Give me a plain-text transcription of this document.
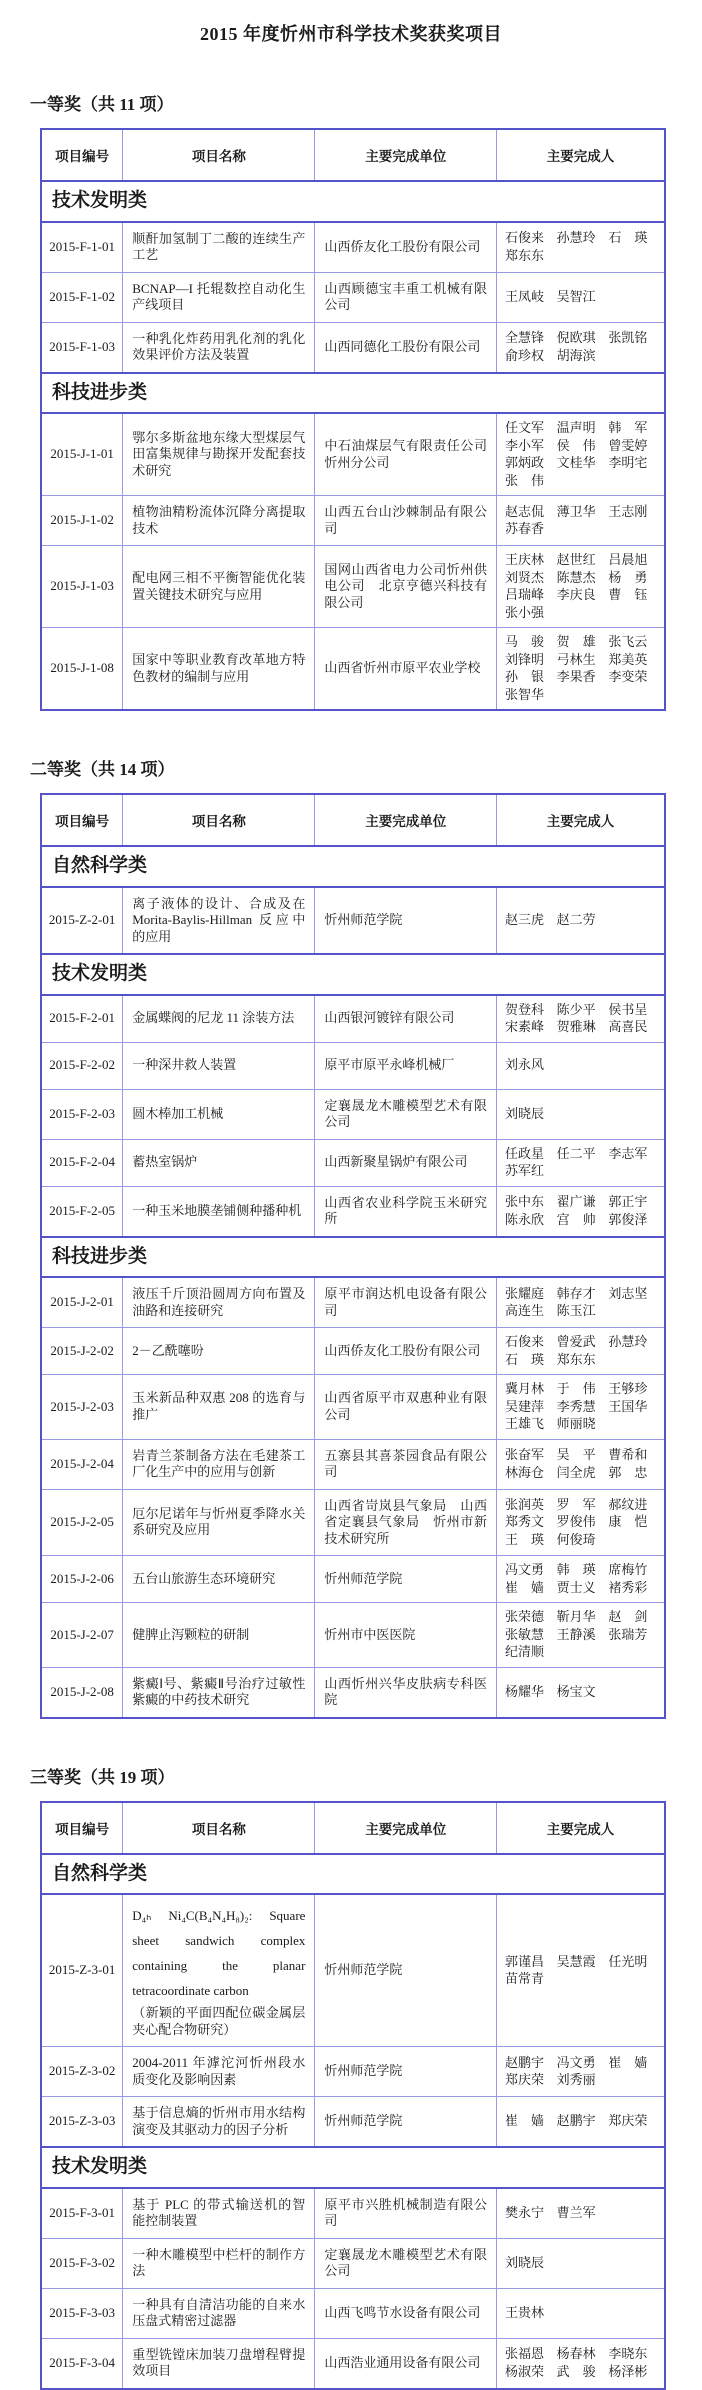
2015 年度忻州市科学技术奖获奖项目
一等奖（共 11 项）
项目编号	项目名称	主要完成单位	主要完成人
技术发明类			
2015-F-1-01	顺酐加氢制丁二酸的连续生产工艺	山西侨友化工股份有限公司	石俊来 孙慧玲 石　瑛
郑东东

2015-F-1-02	BCNAP—I 托辊数控自动化生产线项目	山西顾德宝丰重工机械有限公司	王凤岐 吴智江

2015-F-1-03	一种乳化炸药用乳化剂的乳化效果评价方法及装置	山西同德化工股份有限公司	全慧锋 倪欧琪 张凯铭
俞珍权 胡海滨

科技进步类			
2015-J-1-01	鄂尔多斯盆地东缘大型煤层气田富集规律与勘探开发配套技术研究	中石油煤层气有限责任公司忻州分公司	
任文军 温声明 韩　军
李小军 侯　伟 曾雯婷
郭炳政 文桂华 李明宅
张　伟

2015-J-1-02	植物油精粉流体沉降分离提取技术	山西五台山沙棘制品有限公司	赵志侃 薄卫华 王志刚
苏春香

2015-J-1-03	配电网三相不平衡智能优化装置关键技术研究与应用	国网山西省电力公司忻州供电公司　北京亨德兴科技有限公司	
王庆林 赵世红 吕晨旭
刘贤杰 陈慧杰 杨　勇
吕瑞峰 李庆良 曹　钰
张小强

2015-J-1-08	国家中等职业教育改革地方特色教材的编制与应用	山西省忻州市原平农业学校	
马　骏 贺　雄 张飞云
刘锋明 弓林生 郑美英
孙　银 李果香 李变荣
张智华
二等奖（共 14 项）
项目编号	项目名称	主要完成单位	主要完成人
自然科学类			
2015-Z-2-01	离子液体的设计、合成及在 Morita-Baylis-Hillman 反应中的应用	忻州师范学院	赵三虎 赵二劳

技术发明类			
2015-F-2-01	金属蝶阀的尼龙 11 涂装方法	山西银河镀锌有限公司	
贺登科 陈少平 侯书呈
宋素峰 贺雅琳 高喜民

2015-F-2-02	一种深井救人装置	原平市原平永峰机械厂	刘永风

2015-F-2-03	圆木棒加工机械	定襄晟龙木雕模型艺术有限公司	刘晓辰

2015-F-2-04	蓄热室锅炉	山西新聚星锅炉有限公司	任政星 任二平 李志军
苏军红

2015-F-2-05	一种玉米地膜垄铺侧种播种机	山西省农业科学院玉米研究所	
张中东 翟广谦 郭正宇
陈永欣 宫　帅 郭俊泽

科技进步类			
2015-J-2-01	液压千斤顶沿圆周方向布置及油路和连接研究	原平市润达机电设备有限公司	张耀庭 韩存才 刘志坚
高连生 陈玉江

2015-J-2-02	2－乙酰噻吩	山西侨友化工股份有限公司	石俊来 曾爱武 孙慧玲
石　瑛 郑东东

2015-J-2-03	玉米新品种双惠 208 的选育与推广	山西省原平市双惠种业有限公司	
冀月林 于　伟 王够珍
吴建萍 李秀慧 王国华
王雄飞 师丽晓

2015-J-2-04	岩青兰茶制备方法在毛建茶工厂化生产中的应用与创新	五寨县其喜茶园食品有限公司	
张奋军 吴　平 曹希和
林海仓 闫全虎 郭　忠

2015-J-2-05	厄尔尼诺年与忻州夏季降水关系研究及应用	山西省岢岚县气象局　山西省定襄县气象局　忻州市新技术研究所	
张润英 罗　军 郝纹进
郑秀文 罗俊伟 康　恺
王　瑛 何俊琦

2015-J-2-06	五台山旅游生态环境研究	忻州师范学院	
冯文勇 韩　瑛 席梅竹
崔　嫱 贾士义 褚秀彩

2015-J-2-07	健脾止泻颗粒的研制	忻州市中医医院	
张荣德 靳月华 赵　剑
张敏慧 王静溪 张瑞芳
纪清顺

2015-J-2-08	紫癜Ⅰ号、紫癜Ⅱ号治疗过敏性紫癜的中药技术研究	山西忻州兴华皮肤病专科医院	杨耀华 杨宝文
三等奖（共 19 项）
项目编号	项目名称	主要完成单位	主要完成人
自然科学类			
2015-Z-3-01	
D₄ₕ Ni₄C(B₄N₄H₈)₂: Square sheet sandwich complex containing the planar tetracoordinate carbon
（新颖的平面四配位碳金属层夹心配合物研究）
	忻州师范学院	
郭谨昌 吴慧霞 任光明
苗常青

2015-Z-3-02	2004-2011 年滹沱河忻州段水质变化及影响因素	忻州师范学院	赵鹏宇 冯文勇 崔　嫱
郑庆荣 刘秀丽

2015-Z-3-03	基于信息熵的忻州市用水结构演变及其驱动力的因子分析	忻州师范学院	崔　嫱 赵鹏宇 郑庆荣

技术发明类			
2015-F-3-01	基于 PLC 的带式输送机的智能控制装置	原平市兴胜机械制造有限公司	樊永宁 曹兰军

2015-F-3-02	一种木雕模型中栏杆的制作方法	定襄晟龙木雕模型艺术有限公司	刘晓辰

2015-F-3-03	一种具有自清洁功能的自来水压盘式精密过滤器	山西飞鸣节水设备有限公司	王贵林

2015-F-3-04	重型铣镗床加装刀盘增程臂提效项目	山西浩业通用设备有限公司	
张福恩 杨春林 李晓东
杨淑荣 武　骏 杨泽彬
